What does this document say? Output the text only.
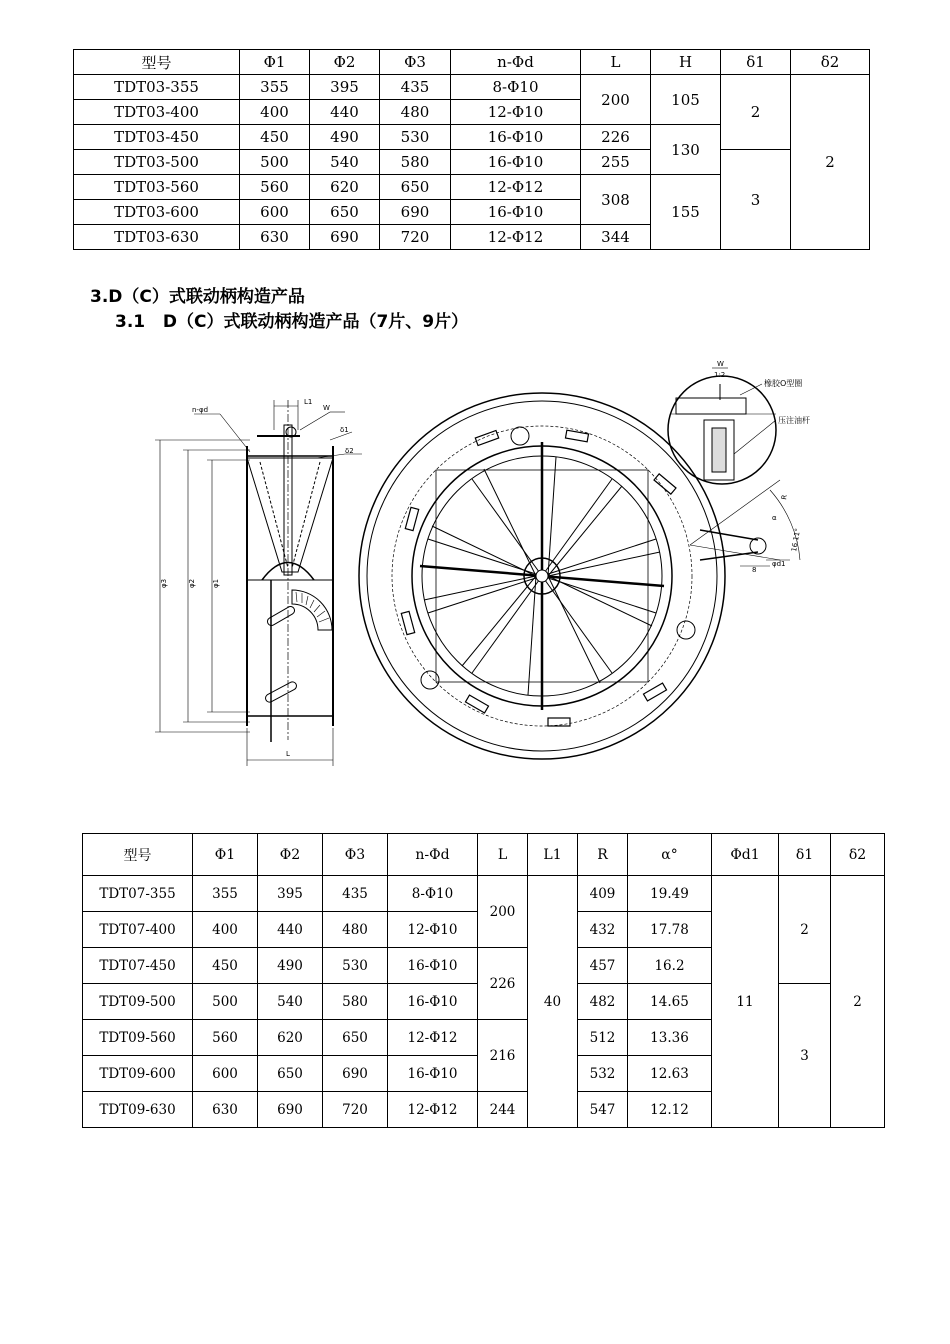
型号	Φ1	Φ2	Φ3	n-Φd	L	H	δ1	δ2
TDT03-355	355	395	435	8-Φ10	200	105	2	2
TDT03-400	400	440	480	12-Φ10				
TDT03-450	450	490	530	16-Φ10	226	130		
TDT03-500	500	540	580	16-Φ10	255		3	
TDT03-560	560	620	650	12-Φ12	308	155		
TDT03-600	600	650	690	16-Φ10				
TDT03-630	630	690	720	12-Φ12	344			
3.D（C）式联动柄构造产品
3.1   D（C）式联动柄构造产品（7片、9片）
n-φd
L1
W
δ1
δ2
φ3	φ2 φ1
L
R
α
16.11°
8
φd1
W
1:2
橡胶O型圈
压注油杆
型号	Φ1	Φ2	Φ3	n-Φd	L	L1	R	α°	Φd1	δ1	δ2
TDT07-355	355	395	435	8-Φ10	200	40	409	19.49	11	2	2
TDT07-400	400	440	480	12-Φ10			432	17.78			
TDT07-450	450	490	530	16-Φ10	226		457	16.2			
TDT09-500	500	540	580	16-Φ10			482	14.65		3	
TDT09-560	560	620	650	12-Φ12	216		512	13.36			
TDT09-600	600	650	690	16-Φ10			532	12.63			
TDT09-630	630	690	720	12-Φ12	244		547	12.12			
